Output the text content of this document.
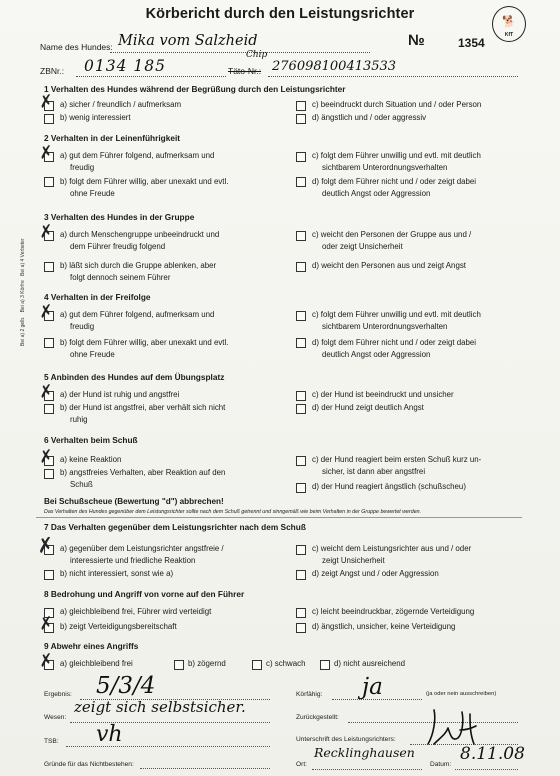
Körbericht durch den Leistungsrichter	🐕
KfT
Name des Hundes: Mika vom Salzheid	№	1354
ZBNr.: 0134 185
Chip
Täto-Nr.: 276098100413533
1 Verhalten des Hundes während der Begrüßung durch den Leistungsrichter
✗ a) sicher / freundlich / aufmerksam
b) wenig interessiert
c) beeindruckt durch Situation und / oder Person
d) ängstlich und / oder aggressiv
2 Verhalten in der Leinenführigkeit
✗ a) gut dem Führer folgend, aufmerksam und
freudig
b) folgt dem Führer willig, aber unexakt und evtl.
ohne Freude
c) folgt dem Führer unwillig und evtl. mit deutlich
sichtbarem Unterordnungsverhalten
d) folgt dem Führer nicht und / oder zeigt dabei
deutlich Angst oder Aggression
3 Verhalten des Hundes in der Gruppe
✗ a) durch Menschengruppe unbeeindruckt und
dem Führer freudig folgend
b) läßt sich durch die Gruppe ablenken, aber
folgt dennoch seinem Führer
c) weicht den Personen der Gruppe aus und /
oder zeigt Unsicherheit
d) weicht den Personen aus und zeigt Angst
4 Verhalten in der Freifolge
✗ a) gut dem Führer folgend, aufmerksam und
freudig
b) folgt dem Führer willig, aber unexakt und evtl.
ohne Freude
c) folgt dem Führer unwillig und evtl. mit deutlich
sichtbarem Unterordnungsverhalten
d) folgt dem Führer nicht und / oder zeigt dabei
deutlich Angst oder Aggression
Bei a) 2 gelb.   Bei a) 3 Körfre   Bei a) 4 Verbeter
5 Anbinden des Hundes auf dem Übungsplatz
✗ a) der Hund ist ruhig und angstfrei
b) der Hund ist angstfrei, aber verhält sich nicht
ruhig
c) der Hund ist beeindruckt und unsicher
d) der Hund zeigt deutlich Angst
6 Verhalten beim Schuß
✗ a) keine Reaktion
b) angstfreies Verhalten, aber Reaktion auf den
Schuß
c) der Hund reagiert beim ersten Schuß kurz un-
sicher, ist dann aber angstfrei
d) der Hund reagiert ängstlich (schußscheu)
Bei Schußscheue (Bewertung "d") abbrechen!
Das Verhalten des Hundes gegenüber dem Leistungsrichter sollte nach dem Schuß getrennt und sinngemäß wie beim Verhalten in der Gruppe bewertet werden.
7 Das Verhalten gegenüber dem Leistungsrichter nach dem Schuß
✗ a) gegenüber dem Leistungsrichter angstfreie /
interessierte und friedliche Reaktion
b) nicht interessiert, sonst wie a)
c) weicht dem Leistungsrichter aus und / oder
zeigt Unsicherheit
d) zeigt Angst und / oder Aggression
8 Bedrohung und Angriff von vorne auf den Führer
a) gleichbleibend frei, Führer wird verteidigt
✗ b) zeigt Verteidigungsbereitschaft
c) leicht beeindruckbar, zögernde Verteidigung
d) ängstlich, unsicher, keine Verteidigung
9 Abwehr eines Angriffs
✗ a) gleichbleibend frei	b) zögernd	c) schwach	d) nicht ausreichend
Ergebnis: 5/3/4
Wesen:
zeigt sich selbstsicher.
TSB: vh
Gründe für das Nichtbestehen:
Körfähig: ja	(ja oder nein ausschreiben)
Zurückgestellt:
Unterschrift des Leistungsrichters:
Ort:
Recklinghausen
Datum:
8.11.08
